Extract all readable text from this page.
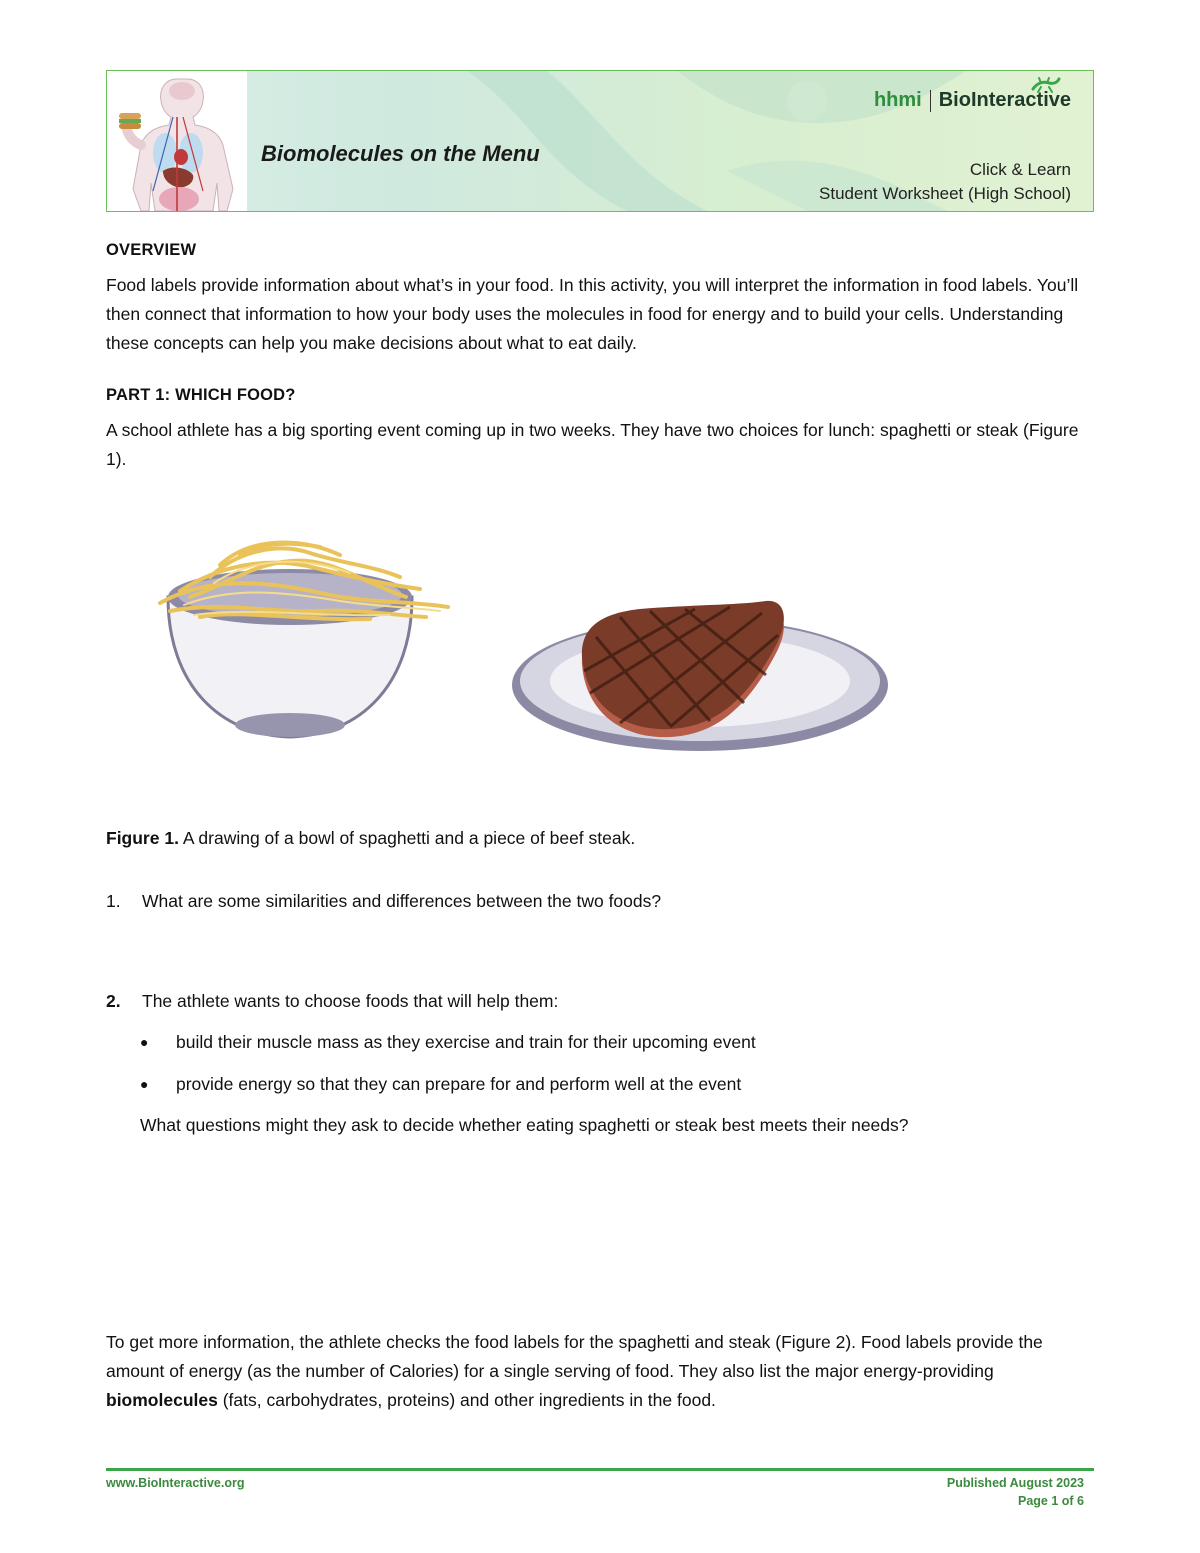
Biomolecules on the Menu
hhmi BioInteractive
Click & Learn
Student Worksheet (High School)
OVERVIEW

Food labels provide information about what’s in your food. In this activity, you will interpret the information in food labels. You’ll then connect that information to how your body uses the molecules in food for energy and to build your cells. Understanding these concepts can help you make decisions about what to eat daily.

PART 1: WHICH FOOD?

A school athlete has a big sporting event coming up in two weeks. They have two choices for lunch: spaghetti or steak (Figure 1).

Figure 1. A drawing of a bowl of spaghetti and a piece of beef steak.

1. What are some similarities and differences between the two foods?

2. The athlete wants to choose foods that will help them:

● build their muscle mass as they exercise and train for their upcoming event
● provide energy so that they can prepare for and perform well at the event
What questions might they ask to decide whether eating spaghetti or steak best meets their needs?

To get more information, the athlete checks the food labels for the spaghetti and steak (Figure 2). Food labels provide the amount of energy (as the number of Calories) for a single serving of food. They also list the major energy-providing biomolecules (fats, carbohydrates, proteins) and other ingredients in the food.

www.BioInteractive.org	Published August 2023
Page 1 of 6
